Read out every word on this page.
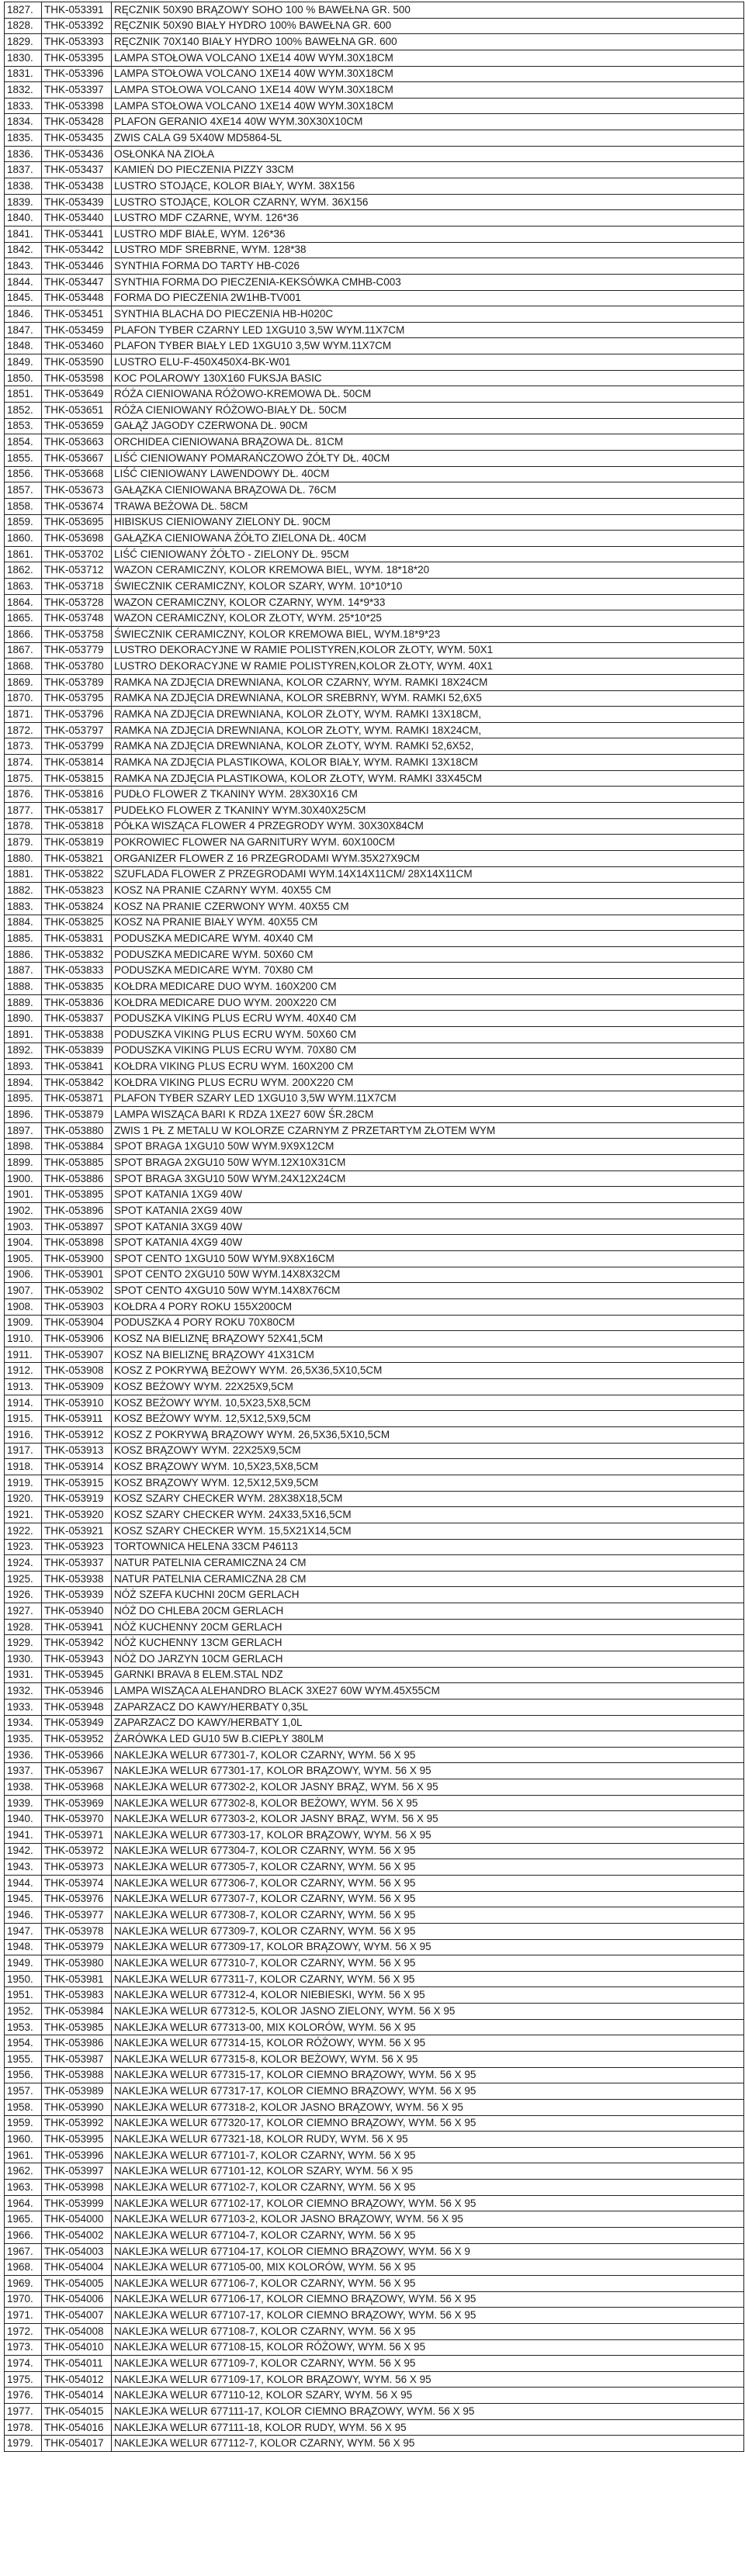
1827.	THK-053391	RĘCZNIK 50X90 BRĄZOWY SOHO 100 % BAWEŁNA GR. 500
1828.	THK-053392	RĘCZNIK 50X90 BIAŁY HYDRO 100% BAWEŁNA GR. 600
1829.	THK-053393	RĘCZNIK 70X140 BIAŁY HYDRO 100% BAWEŁNA GR. 600
1830.	THK-053395	LAMPA STOŁOWA VOLCANO 1XE14 40W WYM.30X18CM
1831.	THK-053396	LAMPA STOŁOWA VOLCANO 1XE14 40W WYM.30X18CM
1832.	THK-053397	LAMPA STOŁOWA VOLCANO 1XE14 40W WYM.30X18CM
1833.	THK-053398	LAMPA STOŁOWA VOLCANO 1XE14 40W WYM.30X18CM
1834.	THK-053428	PLAFON GERANIO 4XE14 40W WYM.30X30X10CM
1835.	THK-053435	ZWIS CALA G9 5X40W MD5864-5L
1836.	THK-053436	OSŁONKA NA ZIOŁA
1837.	THK-053437	KAMIEŃ DO PIECZENIA PIZZY 33CM
1838.	THK-053438	LUSTRO STOJĄCE, KOLOR BIAŁY, WYM. 38X156
1839.	THK-053439	LUSTRO STOJĄCE, KOLOR CZARNY, WYM. 36X156
1840.	THK-053440	LUSTRO MDF CZARNE, WYM. 126*36
1841.	THK-053441	LUSTRO MDF BIAŁE, WYM. 126*36
1842.	THK-053442	LUSTRO MDF SREBRNE, WYM. 128*38
1843.	THK-053446	SYNTHIA FORMA DO TARTY HB-C026
1844.	THK-053447	SYNTHIA FORMA DO PIECZENIA-KEKSÓWKA CMHB-C003
1845.	THK-053448	FORMA DO PIECZENIA 2W1HB-TV001
1846.	THK-053451	SYNTHIA BLACHA DO PIECZENIA HB-H020C
1847.	THK-053459	PLAFON TYBER CZARNY LED 1XGU10 3,5W WYM.11X7CM
1848.	THK-053460	PLAFON TYBER BIAŁY LED 1XGU10 3,5W WYM.11X7CM
1849.	THK-053590	LUSTRO ELU-F-450X450X4-BK-W01
1850.	THK-053598	KOC POLAROWY 130X160 FUKSJA BASIC
1851.	THK-053649	RÓŻA CIENIOWANA RÓŻOWO-KREMOWA DŁ. 50CM
1852.	THK-053651	RÓŻA CIENIOWANY RÓŻOWO-BIAŁY DŁ. 50CM
1853.	THK-053659	GAŁĄŻ JAGODY CZERWONA DŁ. 90CM
1854.	THK-053663	ORCHIDEA CIENIOWANA BRĄZOWA DŁ. 81CM
1855.	THK-053667	LIŚĆ CIENIOWANY POMARAŃCZOWO ŻÓŁTY DŁ. 40CM
1856.	THK-053668	LIŚĆ CIENIOWANY LAWENDOWY DŁ. 40CM
1857.	THK-053673	GAŁĄZKA CIENIOWANA BRĄZOWA DŁ. 76CM
1858.	THK-053674	TRAWA BEŻOWA DŁ. 58CM
1859.	THK-053695	HIBISKUS CIENIOWANY ZIELONY DŁ. 90CM
1860.	THK-053698	GAŁĄZKA CIENIOWANA ŻÓŁTO ZIELONA DŁ. 40CM
1861.	THK-053702	LIŚĆ CIENIOWANY ŻÓŁTO - ZIELONY DŁ. 95CM
1862.	THK-053712	WAZON CERAMICZNY, KOLOR KREMOWA BIEL, WYM. 18*18*20
1863.	THK-053718	ŚWIECZNIK CERAMICZNY, KOLOR SZARY, WYM. 10*10*10
1864.	THK-053728	WAZON CERAMICZNY, KOLOR CZARNY, WYM. 14*9*33
1865.	THK-053748	WAZON CERAMICZNY, KOLOR ZŁOTY, WYM. 25*10*25
1866.	THK-053758	ŚWIECZNIK CERAMICZNY, KOLOR KREMOWA BIEL, WYM.18*9*23
1867.	THK-053779	LUSTRO DEKORACYJNE W RAMIE POLISTYREN,KOLOR ZŁOTY, WYM. 50X1
1868.	THK-053780	LUSTRO DEKORACYJNE W RAMIE POLISTYREN,KOLOR ZŁOTY, WYM. 40X1
1869.	THK-053789	RAMKA NA ZDJĘCIA DREWNIANA, KOLOR CZARNY, WYM. RAMKI 18X24CM
1870.	THK-053795	RAMKA NA ZDJĘCIA DREWNIANA, KOLOR SREBRNY, WYM. RAMKI 52,6X5
1871.	THK-053796	RAMKA NA ZDJĘCIA DREWNIANA, KOLOR ZŁOTY, WYM. RAMKI 13X18CM,
1872.	THK-053797	RAMKA NA ZDJĘCIA DREWNIANA, KOLOR ZŁOTY, WYM. RAMKI 18X24CM,
1873.	THK-053799	RAMKA NA ZDJĘCIA DREWNIANA, KOLOR ZŁOTY, WYM. RAMKI 52,6X52,
1874.	THK-053814	RAMKA NA ZDJĘCIA PLASTIKOWA, KOLOR BIAŁY, WYM. RAMKI 13X18CM
1875.	THK-053815	RAMKA NA ZDJĘCIA PLASTIKOWA, KOLOR ZŁOTY, WYM. RAMKI 33X45CM
1876.	THK-053816	PUDŁO FLOWER Z TKANINY WYM. 28X30X16 CM
1877.	THK-053817	PUDEŁKO FLOWER Z TKANINY WYM.30X40X25CM
1878.	THK-053818	PÓŁKA WISZĄCA FLOWER 4 PRZEGRODY WYM. 30X30X84CM
1879.	THK-053819	POKROWIEC FLOWER NA GARNITURY WYM. 60X100CM
1880.	THK-053821	ORGANIZER FLOWER Z 16 PRZEGRODAMI WYM.35X27X9CM
1881.	THK-053822	SZUFLADA FLOWER Z PRZEGRODAMI WYM.14X14X11CM/ 28X14X11CM
1882.	THK-053823	KOSZ NA PRANIE CZARNY WYM. 40X55 CM
1883.	THK-053824	KOSZ NA PRANIE CZERWONY WYM. 40X55 CM
1884.	THK-053825	KOSZ NA PRANIE BIAŁY WYM. 40X55 CM
1885.	THK-053831	PODUSZKA MEDICARE WYM. 40X40 CM
1886.	THK-053832	PODUSZKA MEDICARE WYM. 50X60 CM
1887.	THK-053833	PODUSZKA MEDICARE WYM. 70X80 CM
1888.	THK-053835	KOŁDRA MEDICARE DUO WYM. 160X200 CM
1889.	THK-053836	KOŁDRA MEDICARE DUO WYM. 200X220 CM
1890.	THK-053837	PODUSZKA VIKING PLUS ECRU WYM. 40X40 CM
1891.	THK-053838	PODUSZKA VIKING PLUS ECRU WYM. 50X60 CM
1892.	THK-053839	PODUSZKA VIKING PLUS ECRU WYM. 70X80 CM
1893.	THK-053841	KOŁDRA VIKING PLUS ECRU WYM. 160X200 CM
1894.	THK-053842	KOŁDRA VIKING PLUS ECRU WYM. 200X220 CM
1895.	THK-053871	PLAFON TYBER SZARY LED 1XGU10 3,5W WYM.11X7CM
1896.	THK-053879	LAMPA WISZĄCA BARI K RDZA 1XE27 60W ŚR.28CM
1897.	THK-053880	ZWIS 1 PŁ Z METALU W KOLORZE CZARNYM Z PRZETARTYM ZŁOTEM WYM
1898.	THK-053884	SPOT BRAGA 1XGU10 50W WYM.9X9X12CM
1899.	THK-053885	SPOT BRAGA 2XGU10 50W WYM.12X10X31CM
1900.	THK-053886	SPOT BRAGA 3XGU10 50W WYM.24X12X24CM
1901.	THK-053895	SPOT KATANIA 1XG9 40W
1902.	THK-053896	SPOT KATANIA 2XG9 40W
1903.	THK-053897	SPOT KATANIA 3XG9 40W
1904.	THK-053898	SPOT KATANIA 4XG9 40W
1905.	THK-053900	SPOT CENTO 1XGU10 50W WYM.9X8X16CM
1906.	THK-053901	SPOT CENTO 2XGU10 50W WYM.14X8X32CM
1907.	THK-053902	SPOT CENTO 4XGU10 50W WYM.14X8X76CM
1908.	THK-053903	KOŁDRA 4 PORY ROKU 155X200CM
1909.	THK-053904	PODUSZKA 4 PORY ROKU 70X80CM
1910.	THK-053906	KOSZ NA BIELIZNĘ BRĄZOWY 52X41,5CM
1911.	THK-053907	KOSZ NA BIELIZNĘ BRĄZOWY 41X31CM
1912.	THK-053908	KOSZ Z POKRYWĄ BEŻOWY WYM. 26,5X36,5X10,5CM
1913.	THK-053909	KOSZ BEŻOWY WYM. 22X25X9,5CM
1914.	THK-053910	KOSZ BEŻOWY WYM. 10,5X23,5X8,5CM
1915.	THK-053911	KOSZ BEŻOWY WYM. 12,5X12,5X9,5CM
1916.	THK-053912	KOSZ Z POKRYWĄ BRĄZOWY WYM. 26,5X36,5X10,5CM
1917.	THK-053913	KOSZ BRĄZOWY WYM. 22X25X9,5CM
1918.	THK-053914	KOSZ BRĄZOWY WYM. 10,5X23,5X8,5CM
1919.	THK-053915	KOSZ BRĄZOWY WYM. 12,5X12,5X9,5CM
1920.	THK-053919	KOSZ SZARY CHECKER WYM. 28X38X18,5CM
1921.	THK-053920	KOSZ SZARY CHECKER WYM. 24X33,5X16,5CM
1922.	THK-053921	KOSZ SZARY CHECKER WYM. 15,5X21X14,5CM
1923.	THK-053923	TORTOWNICA HELENA 33CM P46113
1924.	THK-053937	NATUR PATELNIA CERAMICZNA 24 CM
1925.	THK-053938	NATUR PATELNIA CERAMICZNA 28 CM
1926.	THK-053939	NÓŻ SZEFA KUCHNI 20CM GERLACH
1927.	THK-053940	NÓŻ DO CHLEBA 20CM GERLACH
1928.	THK-053941	NÓŻ KUCHENNY 20CM GERLACH
1929.	THK-053942	NÓŻ KUCHENNY 13CM GERLACH
1930.	THK-053943	NÓŻ DO JARZYN 10CM GERLACH
1931.	THK-053945	GARNKI BRAVA 8 ELEM.STAL NDZ
1932.	THK-053946	LAMPA WISZĄCA ALEHANDRO BLACK 3XE27 60W WYM.45X55CM
1933.	THK-053948	ZAPARZACZ DO KAWY/HERBATY 0,35L
1934.	THK-053949	ZAPARZACZ DO KAWY/HERBATY 1,0L
1935.	THK-053952	ŻARÓWKA LED GU10 5W B.CIEPŁY 380LM
1936.	THK-053966	NAKLEJKA WELUR 677301-7, KOLOR CZARNY, WYM. 56 X 95
1937.	THK-053967	NAKLEJKA WELUR 677301-17, KOLOR BRĄZOWY, WYM. 56 X 95
1938.	THK-053968	NAKLEJKA WELUR 677302-2, KOLOR JASNY BRĄZ, WYM. 56 X 95
1939.	THK-053969	NAKLEJKA WELUR 677302-8, KOLOR BEŻOWY, WYM. 56 X 95
1940.	THK-053970	NAKLEJKA WELUR 677303-2, KOLOR JASNY BRĄZ, WYM. 56 X 95
1941.	THK-053971	NAKLEJKA WELUR 677303-17, KOLOR BRĄZOWY, WYM. 56 X 95
1942.	THK-053972	NAKLEJKA WELUR 677304-7, KOLOR CZARNY, WYM. 56 X 95
1943.	THK-053973	NAKLEJKA WELUR 677305-7, KOLOR CZARNY, WYM. 56 X 95
1944.	THK-053974	NAKLEJKA WELUR 677306-7, KOLOR CZARNY, WYM. 56 X 95
1945.	THK-053976	NAKLEJKA WELUR 677307-7, KOLOR CZARNY, WYM. 56 X 95
1946.	THK-053977	NAKLEJKA WELUR 677308-7, KOLOR CZARNY, WYM. 56 X 95
1947.	THK-053978	NAKLEJKA WELUR 677309-7, KOLOR CZARNY, WYM. 56 X 95
1948.	THK-053979	NAKLEJKA WELUR 677309-17, KOLOR BRĄZOWY, WYM. 56 X 95
1949.	THK-053980	NAKLEJKA WELUR 677310-7, KOLOR CZARNY, WYM. 56 X 95
1950.	THK-053981	NAKLEJKA WELUR 677311-7, KOLOR CZARNY, WYM. 56 X 95
1951.	THK-053983	NAKLEJKA WELUR 677312-4, KOLOR NIEBIESKI, WYM. 56 X 95
1952.	THK-053984	NAKLEJKA WELUR 677312-5, KOLOR JASNO ZIELONY, WYM. 56 X 95
1953.	THK-053985	NAKLEJKA WELUR 677313-00, MIX KOLORÓW, WYM. 56 X 95
1954.	THK-053986	NAKLEJKA WELUR 677314-15, KOLOR RÓŻOWY, WYM. 56 X 95
1955.	THK-053987	NAKLEJKA WELUR 677315-8, KOLOR BEŻOWY, WYM. 56 X 95
1956.	THK-053988	NAKLEJKA WELUR 677315-17, KOLOR CIEMNO BRĄZOWY, WYM. 56 X 95
1957.	THK-053989	NAKLEJKA WELUR 677317-17, KOLOR CIEMNO BRĄZOWY, WYM. 56 X 95
1958.	THK-053990	NAKLEJKA WELUR 677318-2, KOLOR JASNO BRĄZOWY, WYM. 56 X 95
1959.	THK-053992	NAKLEJKA WELUR 677320-17, KOLOR CIEMNO BRĄZOWY, WYM. 56 X 95
1960.	THK-053995	NAKLEJKA WELUR 677321-18, KOLOR RUDY, WYM. 56 X 95
1961.	THK-053996	NAKLEJKA WELUR 677101-7, KOLOR CZARNY, WYM. 56 X 95
1962.	THK-053997	NAKLEJKA WELUR 677101-12, KOLOR SZARY, WYM. 56 X 95
1963.	THK-053998	NAKLEJKA WELUR 677102-7, KOLOR CZARNY, WYM. 56 X 95
1964.	THK-053999	NAKLEJKA WELUR 677102-17, KOLOR CIEMNO BRĄZOWY, WYM. 56 X 95
1965.	THK-054000	NAKLEJKA WELUR 677103-2, KOLOR JASNO BRĄZOWY, WYM. 56 X 95
1966.	THK-054002	NAKLEJKA WELUR 677104-7, KOLOR CZARNY, WYM. 56 X 95
1967.	THK-054003	NAKLEJKA WELUR 677104-17, KOLOR CIEMNO BRĄZOWY, WYM. 56 X 9
1968.	THK-054004	NAKLEJKA WELUR 677105-00, MIX KOLORÓW, WYM. 56 X 95
1969.	THK-054005	NAKLEJKA WELUR 677106-7, KOLOR CZARNY, WYM. 56 X 95
1970.	THK-054006	NAKLEJKA WELUR 677106-17, KOLOR CIEMNO BRĄZOWY, WYM. 56 X 95
1971.	THK-054007	NAKLEJKA WELUR 677107-17, KOLOR CIEMNO BRĄZOWY, WYM. 56 X 95
1972.	THK-054008	NAKLEJKA WELUR 677108-7, KOLOR CZARNY, WYM. 56 X 95
1973.	THK-054010	NAKLEJKA WELUR 677108-15, KOLOR RÓŻOWY, WYM. 56 X 95
1974.	THK-054011	NAKLEJKA WELUR 677109-7, KOLOR CZARNY, WYM. 56 X 95
1975.	THK-054012	NAKLEJKA WELUR 677109-17, KOLOR BRĄZOWY, WYM. 56 X 95
1976.	THK-054014	NAKLEJKA WELUR 677110-12, KOLOR SZARY, WYM. 56 X 95
1977.	THK-054015	NAKLEJKA WELUR 677111-17, KOLOR CIEMNO BRĄZOWY, WYM. 56 X 95
1978.	THK-054016	NAKLEJKA WELUR 677111-18, KOLOR RUDY, WYM. 56 X 95
1979.	THK-054017	NAKLEJKA WELUR 677112-7, KOLOR CZARNY, WYM. 56 X 95
